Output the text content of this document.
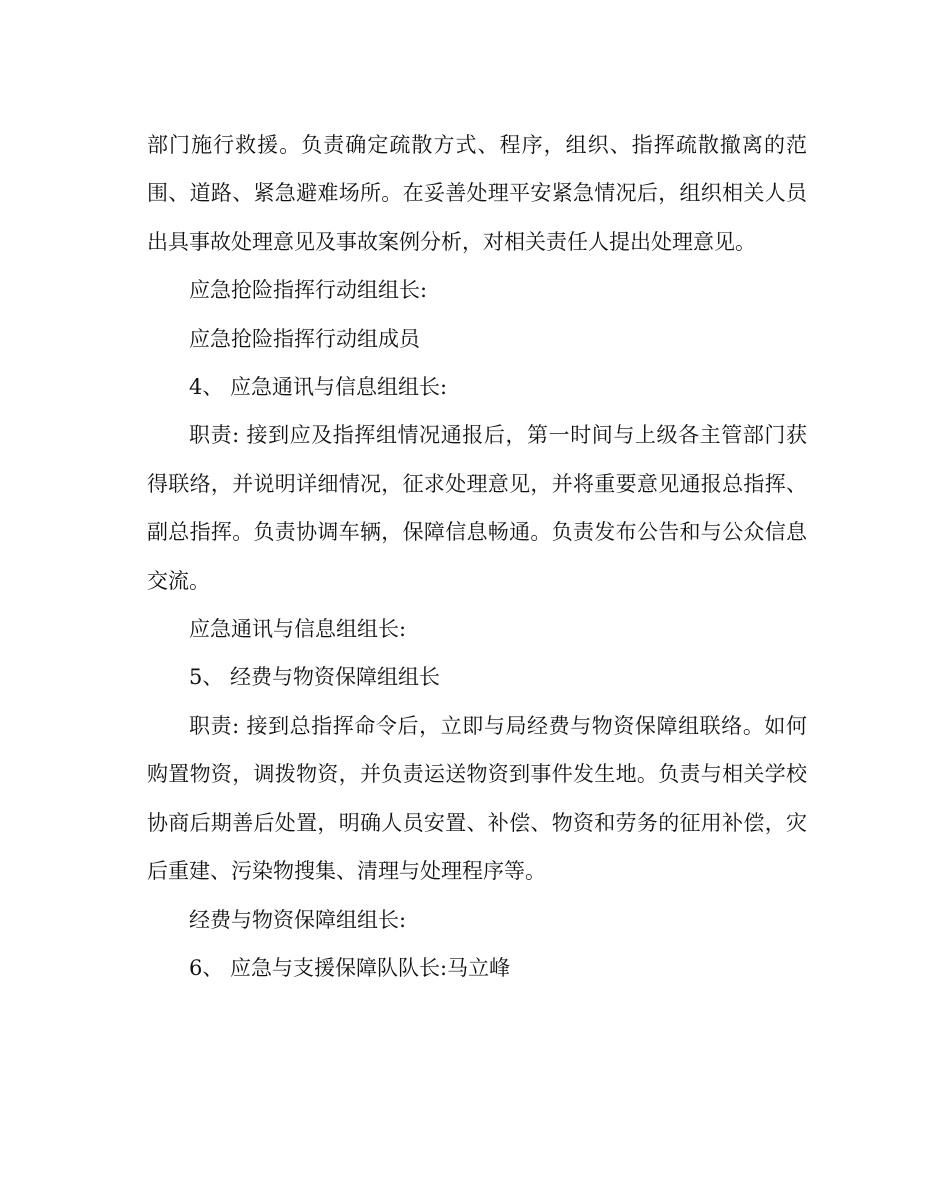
部门施行救援。负责确定疏散方式、程序，组织、指挥疏散撤离的范围、道路、紧急避难场所。在妥善处理平安紧急情况后，组织相关人员出具事故处理意见及事故案例分析，对相关责任人提出处理意见。

应急抢险指挥行动组组长:

应急抢险指挥行动组成员

4、 应急通讯与信息组组长:

职责: 接到应及指挥组情况通报后，第一时间与上级各主管部门获得联络，并说明详细情况，征求处理意见，并将重要意见通报总指挥、副总指挥。负责协调车辆，保障信息畅通。负责发布公告和与公众信息交流。

应急通讯与信息组组长:

5、 经费与物资保障组组长

职责: 接到总指挥命令后，立即与局经费与物资保障组联络。如何购置物资，调拨物资，并负责运送物资到事件发生地。负责与相关学校协商后期善后处置，明确人员安置、补偿、物资和劳务的征用补偿，灾后重建、污染物搜集、清理与处理程序等。

经费与物资保障组组长:

6、 应急与支援保障队队长:马立峰
